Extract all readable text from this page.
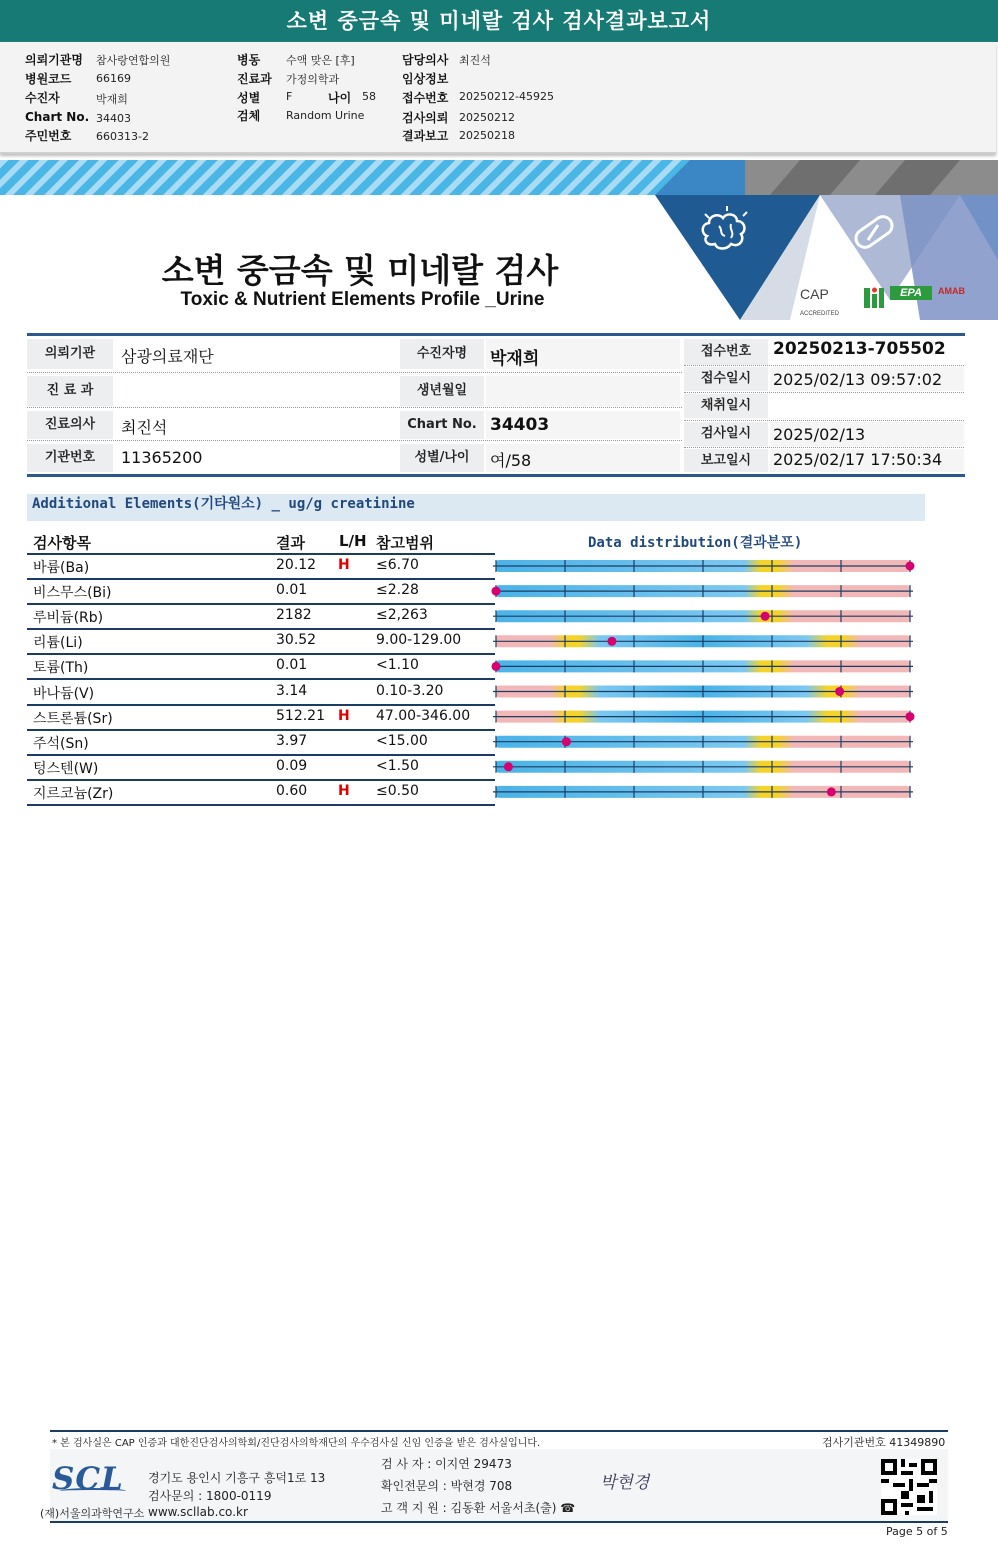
소변 중금속 및 미네랄 검사 검사결과보고서
의뢰기관명 참사랑연합의원
병원코드 66169
수진자	박재희
Chart No. 34403
주민번호 660313-2
병동 수액 맞은 [후]
진료과 가정의학과
성별 F	나이 58
검체 Random Urine
담당의사 최진석
임상정보
접수번호 20250212-45925
검사의뢰 20250212
결과보고 20250218
CAP
ACCREDITED
EPA	AMAB
소변 중금속 및 미네랄 검사
Toxic & Nutrient Elements Profile _Urine
의뢰기관	삼광의료재단
진 료 과
진료의사	최진석
기관번호	11365200
수진자명	박재희
생년월일
Chart No. 34403
성별/나이	여/58
접수번호	20250213-705502
접수일시	2025/02/13 09:57:02
채취일시
검사일시	2025/02/13
보고일시	2025/02/17 17:50:34
Additional Elements(기타원소) _ ug/g creatinine
검사항목	결과 L/H 참고범위	Data distribution(결과분포)
바륨(Ba)	20.12 H ≤6.70
비스무스(Bi)	0.01	≤2.28
루비듐(Rb)	2182	≤2,263
리튬(Li)	30.52	9.00-129.00
토륨(Th)	0.01	<1.10
바나듐(V)	3.14	0.10-3.20
스트론튬(Sr)	512.21 H 47.00-346.00
주석(Sn)	3.97	<15.00
텅스텐(W)	0.09	<1.50
지르코늄(Zr)	0.60 H ≤0.50
* 본 검사실은 CAP 인증과 대한진단검사의학회/진단검사의학재단의 우수검사실 신임 인증을 받은 검사실입니다.	검사기관번호 41349890
SCL
(재)서울의과학연구소
경기도 용인시 기흥구 흥덕1로 13
검사문의 : 1800-0119
www.scllab.co.kr
검 사 자 : 이지연 29473
확인전문의 : 박현경 708
고 객 지 원 : 김동환 서울서초(출) ☎
박현경
Page 5 of 5
